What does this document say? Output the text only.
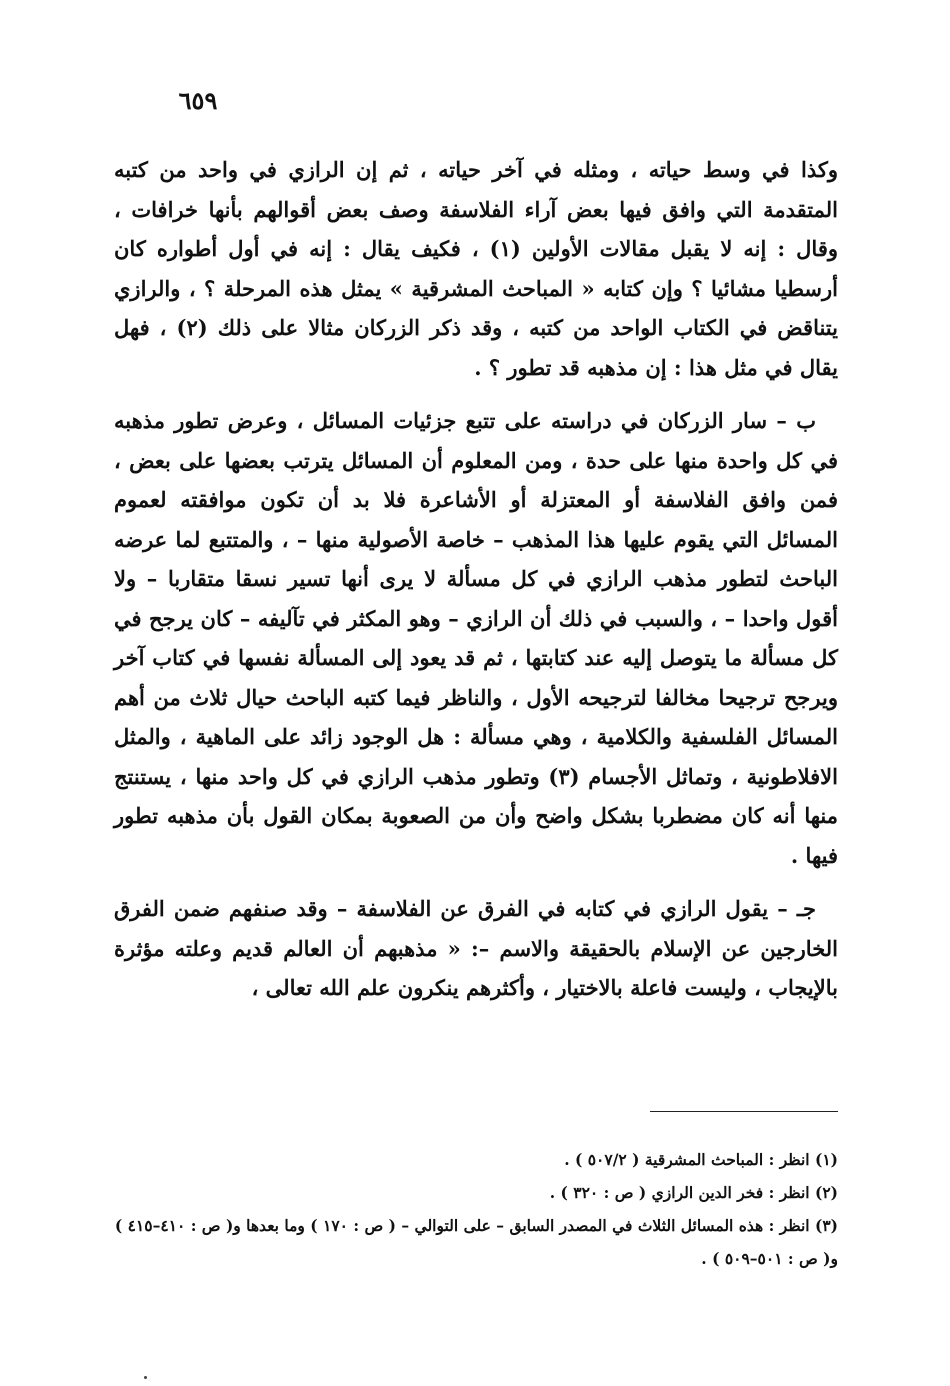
٦٥٩

وكذا في وسط حياته ، ومثله في آخر حياته ، ثم إن الرازي في واحد من كتبه المتقدمة التي وافق فيها بعض آراء الفلاسفة وصف بعض أقوالهم بأنها خرافات ، وقال : إنه لا يقبل مقالات الأولين (١) ، فكيف يقال : إنه في أول أطواره كان أرسطيا مشائيا ؟ وإن كتابه « المباحث المشرقية » يمثل هذه المرحلة ؟ ، والرازي يتناقض في الكتاب الواحد من كتبه ، وقد ذكر الزركان مثالا على ذلك (٢) ، فهل يقال في مثل هذا : إن مذهبه قد تطور ؟ .

ب – سار الزركان في دراسته على تتبع جزئيات المسائل ، وعرض تطور مذهبه في كل واحدة منها على حدة ، ومن المعلوم أن المسائل يترتب بعضها على بعض ، فمن وافق الفلاسفة أو المعتزلة أو الأشاعرة فلا بد أن تكون موافقته لعموم المسائل التي يقوم عليها هذا المذهب – خاصة الأصولية منها – ، والمتتبع لما عرضه الباحث لتطور مذهب الرازي في كل مسألة لا يرى أنها تسير نسقا متقاربا – ولا أقول واحدا – ، والسبب في ذلك أن الرازي – وهو المكثر في تآليفه – كان يرجح في كل مسألة ما يتوصل إليه عند كتابتها ، ثم قد يعود إلى المسألة نفسها في كتاب آخر ويرجح ترجيحا مخالفا لترجيحه الأول ، والناظر فيما كتبه الباحث حيال ثلاث من أهم المسائل الفلسفية والكلامية ، وهي مسألة : هل الوجود زائد على الماهية ، والمثل الافلاطونية ، وتماثل الأجسام (٣) وتطور مذهب الرازي في كل واحد منها ، يستنتج منها أنه كان مضطربا بشكل واضح وأن من الصعوبة بمكان القول بأن مذهبه تطور فيها .

جـ – يقول الرازي في كتابه في الفرق عن الفلاسفة – وقد صنفهم ضمن الفرق الخارجين عن الإسلام بالحقيقة والاسم –: « مذهبهم أن العالم قديم وعلته مؤثرة بالإيجاب ، وليست فاعلة بالاختيار ، وأكثرهم ينكرون علم الله تعالى ،

(١) انظر : المباحث المشرقية ( ٥٠٧/٢ ) .

(٢) انظر : فخر الدين الرازي ( ص : ٣٢٠ ) .

(٣) انظر : هذه المسائل الثلاث في المصدر السابق – على التوالي – ( ص : ١٧٠ ) وما بعدها و( ص : ٤١٠–٤١٥ ) و( ص : ٥٠١–٥٠٩ ) .
